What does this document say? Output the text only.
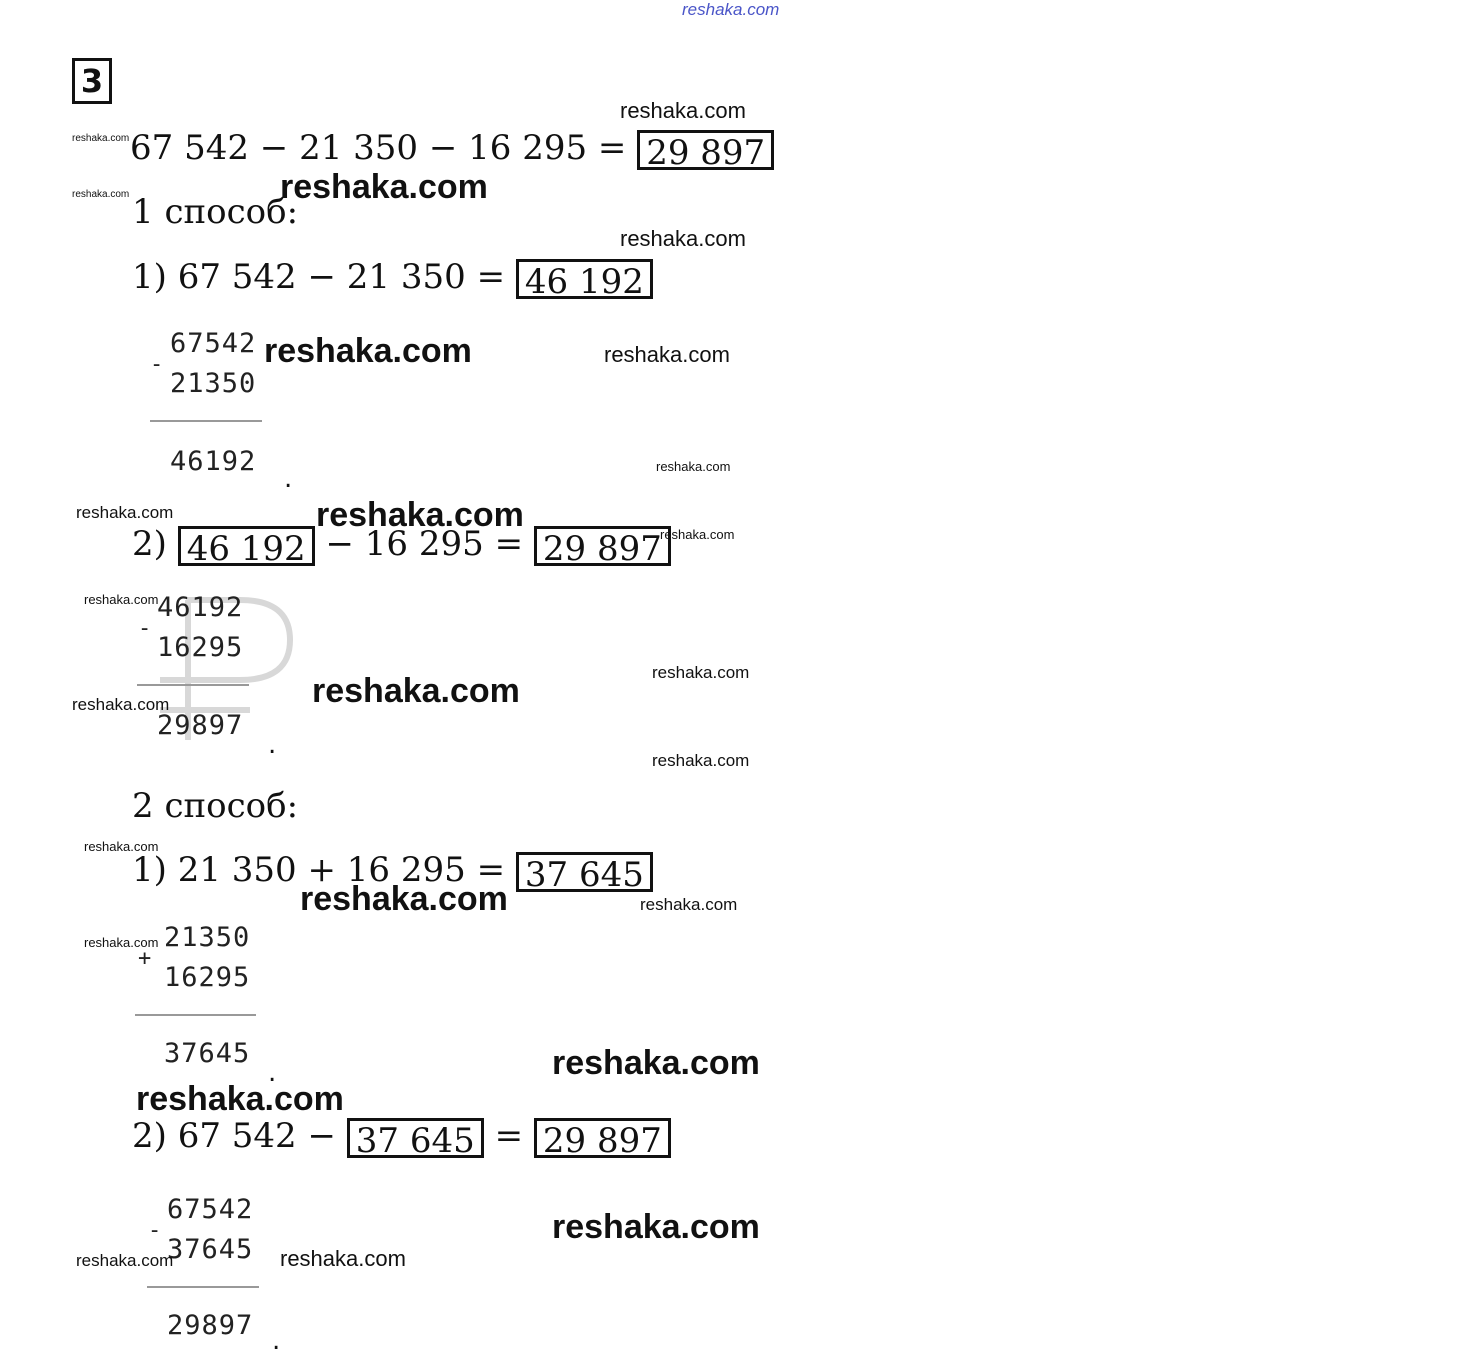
reshaka.com
3
67 542 − 21 350 − 16 295 = 29 897
1 способ:
1) 67 542 − 21 350 = 46 192
-
67542
21350
46192
.
2) 46 192 − 16 295 = 29 897
-
46192
16295
29897
.
2 способ:
1) 21 350 + 16 295 = 37 645
+
21350
16295
37645
.
2) 67 542 − 37 645 = 29 897
-
67542
37645
29897 .
reshaka.com
reshaka.com
reshaka.com
reshaka.com
reshaka.com
reshaka.com	reshaka.com
reshaka.com
reshaka.com	reshaka.com
reshaka.com
reshaka.com
reshaka.com
reshaka.com
reshaka.com
reshaka.com
reshaka.com
reshaka.com	reshaka.com
reshaka.com
reshaka.com
reshaka.com
reshaka.com
reshaka.com	reshaka.com
